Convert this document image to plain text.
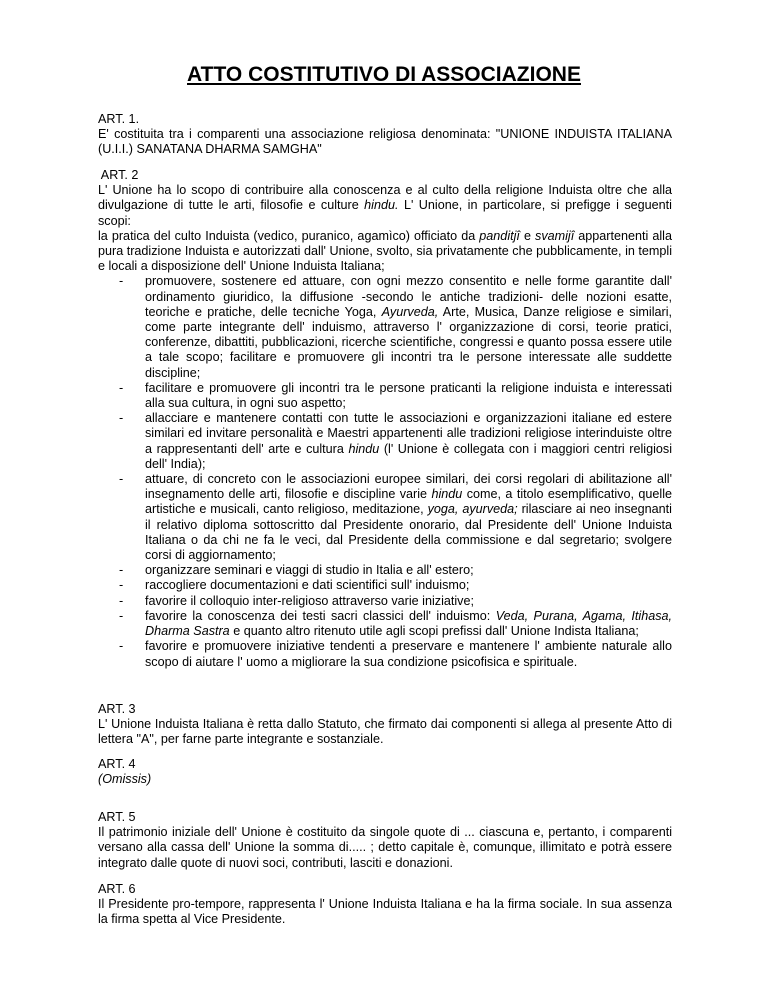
ATTO COSTITUTIVO DI ASSOCIAZIONE

ART. 1.

E' costituita tra i comparenti una associazione religiosa denominata: "UNIONE INDUISTA ITALIANA (U.I.I.) SANATANA DHARMA SAMGHA"

ART. 2

L' Unione ha lo scopo di contribuire alla conoscenza e al culto della religione Induista oltre che alla divulgazione di tutte le arti, filosofie e culture hindu. L' Unione, in particolare, si prefigge i seguenti scopi:

la pratica del culto Induista (vedico, puranico, agamìco) officiato da panditjî e svamijî appartenenti alla pura tradizione Induista e autorizzati dall' Unione, svolto, sia privatamente che pubblicamente, in templi e locali a disposizione dell' Unione Induista Italiana;

- promuovere, sostenere ed attuare, con ogni mezzo consentito e nelle forme garantite dall' ordinamento giuridico, la diffusione -secondo le antiche tradizioni- delle nozioni esatte, teoriche e pratiche, delle tecniche Yoga, Ayurveda, Arte, Musica, Danze religiose e similari, come parte integrante dell' induismo, attraverso l' organizzazione di corsi, teorie pratici, conferenze, dibattiti, pubblicazioni, ricerche scientifiche, congressi e quanto possa essere utile a tale scopo; facilitare e promuovere gli incontri tra le persone interessate alle suddette discipline;
- facilitare e promuovere gli incontri tra le persone praticanti la religione induista e interessati alla sua cultura, in ogni suo aspetto;
- allacciare e mantenere contatti con tutte le associazioni e organizzazioni italiane ed estere similari ed invitare personalità e Maestri appartenenti alle tradizioni religiose interinduiste oltre a rappresentanti dell' arte e cultura hindu (l' Unione è collegata con i maggiori centri religiosi dell' India);
- attuare, di concreto con le associazioni europee similari, dei corsi regolari di abilitazione all' insegnamento delle arti, filosofie e discipline varie hindu come, a titolo esemplificativo, quelle artistiche e musicali, canto religioso, meditazione, yoga, ayurveda; rilasciare ai neo insegnanti il relativo diploma sottoscritto dal Presidente onorario, dal Presidente dell' Unione Induista Italiana o da chi ne fa le veci, dal Presidente della commissione e dal segretario; svolgere corsi di aggiornamento;
- organizzare seminari e viaggi di studio in Italia e all' estero;
- raccogliere documentazioni e dati scientifici sull' induismo;
- favorire il colloquio inter-religioso attraverso varie iniziative;
- favorire la conoscenza dei testi sacri classici dell' induismo: Veda, Purana, Agama, Itihasa, Dharma Sastra e quanto altro ritenuto utile agli scopi prefissi dall' Unione Indista Italiana;
- favorire e promuovere iniziative tendenti a preservare e mantenere l' ambiente naturale allo scopo di aiutare l' uomo a migliorare la sua condizione psicofisica e spirituale.

ART. 3

L' Unione Induista Italiana è retta dallo Statuto, che firmato dai componenti si allega al presente Atto di lettera "A", per farne parte integrante e sostanziale.

ART. 4

(Omissis)

ART. 5

Il patrimonio iniziale dell' Unione è costituito da singole quote di ... ciascuna e, pertanto, i comparenti versano alla cassa dell' Unione la somma di..... ; detto capitale è, comunque, illimitato e potrà essere integrato dalle quote di nuovi soci, contributi, lasciti e donazioni.

ART. 6

Il Presidente pro-tempore, rappresenta l' Unione Induista Italiana e ha la firma sociale. In sua assenza la firma spetta al Vice Presidente.
